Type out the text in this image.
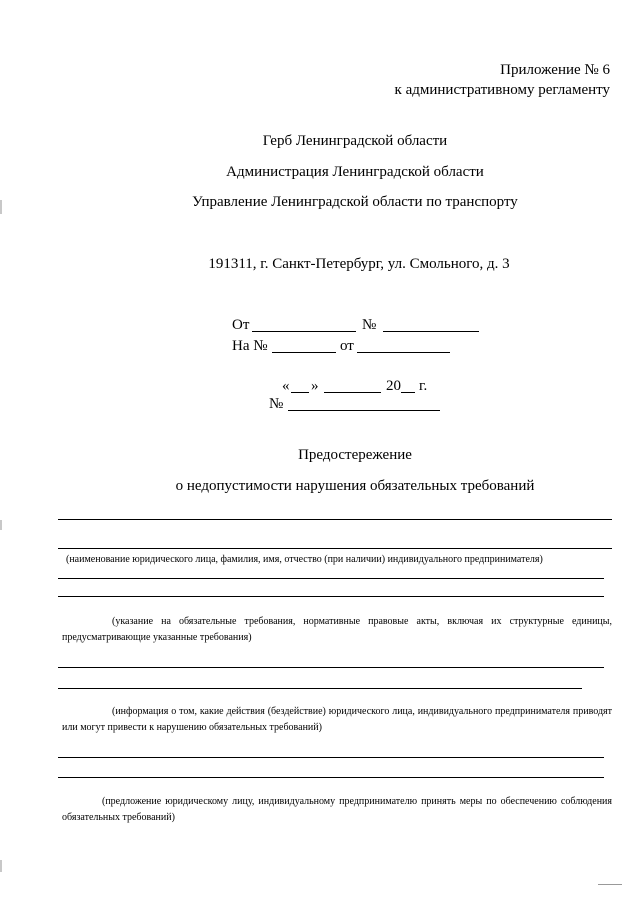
Приложение № 6
к административному регламенту
Герб Ленинградской области
Администрация Ленинградской области
Управление Ленинградской области по транспорту
191311, г. Санкт-Петербург, ул. Смольного, д. 3
От	№
На №	от
« »	20 г.
№
Предостережение
о недопустимости нарушения обязательных требований
(наименование юридического лица, фамилия, имя, отчество (при наличии) индивидуального предпринимателя)
(указание на обязательные требования, нормативные правовые акты, включая их структурные единицы, предусматривающие указанные требования)
(информация о том, какие действия (бездействие) юридического лица, индивидуального предпринимателя приводят или могут привести к нарушению обязательных требований)
(предложение юридическому лицу, индивидуальному предпринимателю принять меры по обеспечению соблюдения обязательных требований)
